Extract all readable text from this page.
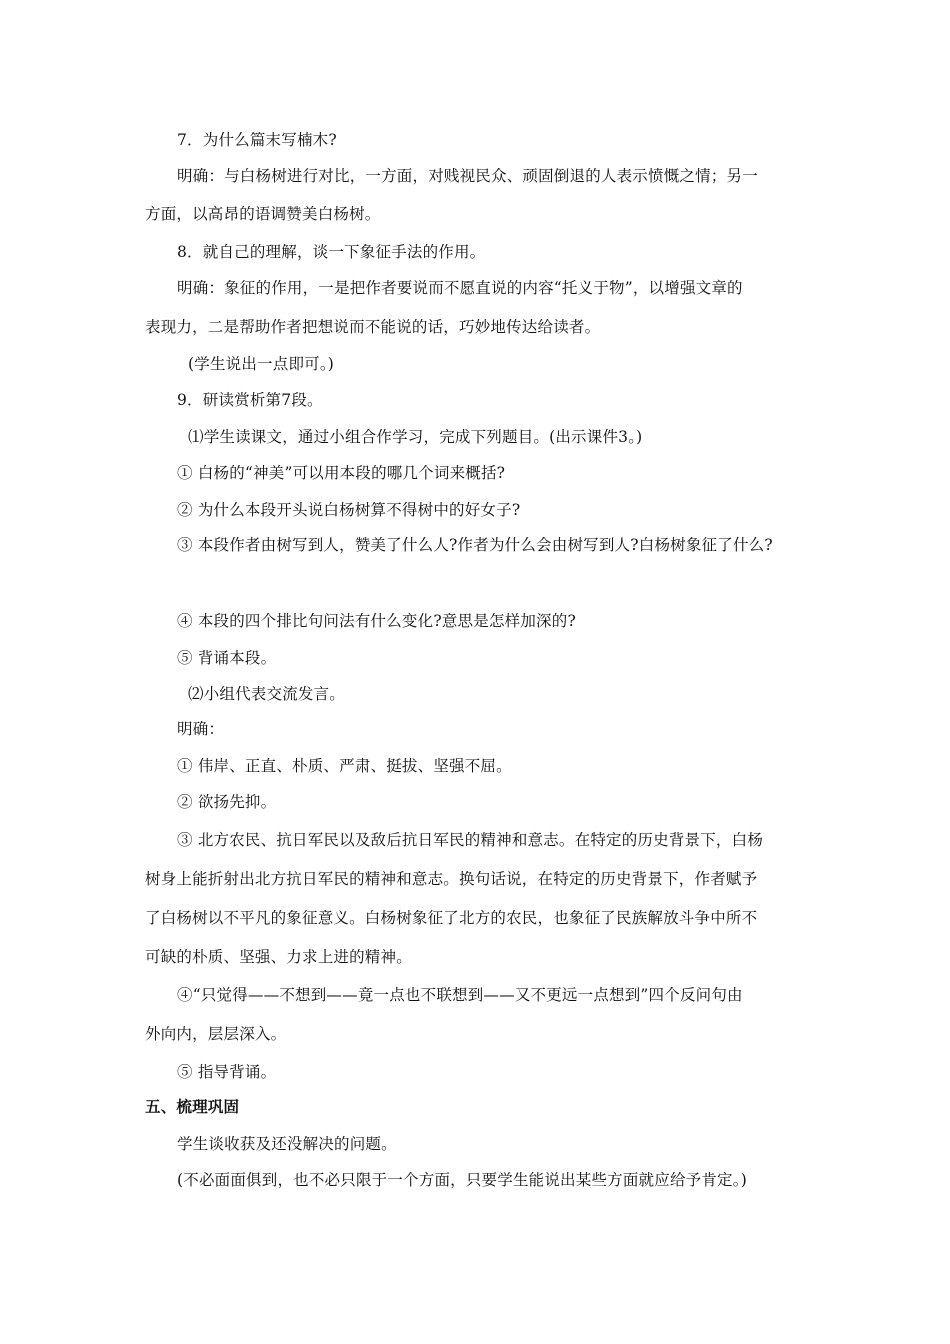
7．为什么篇末写楠木?
明确：与白杨树进行对比，一方面，对贱视民众、顽固倒退的人表示愤慨之情；另一
方面，以高昂的语调赞美白杨树。
8．就自己的理解，谈一下象征手法的作用。
明确：象征的作用，一是把作者要说而不愿直说的内容“托义于物”，以增强文章的
表现力，二是帮助作者把想说而不能说的话，巧妙地传达给读者。
(学生说出一点即可。)
9．研读赏析第7段。
⑴学生读课文，通过小组合作学习，完成下列题目。(出示课件3。)
① 白杨的“神美”可以用本段的哪几个词来概括?
② 为什么本段开头说白杨树算不得树中的好女子?
③ 本段作者由树写到人，赞美了什么人?作者为什么会由树写到人?白杨树象征了什么?
④ 本段的四个排比句问法有什么变化?意思是怎样加深的?
⑤ 背诵本段。
⑵小组代表交流发言。
明确：
① 伟岸、正直、朴质、严肃、挺拔、坚强不屈。
② 欲扬先抑。
③ 北方农民、抗日军民以及敌后抗日军民的精神和意志。在特定的历史背景下，白杨
树身上能折射出北方抗日军民的精神和意志。换句话说，在特定的历史背景下，作者赋予
了白杨树以不平凡的象征意义。白杨树象征了北方的农民，也象征了民族解放斗争中所不
可缺的朴质、坚强、力求上进的精神。
④“只觉得——不想到——竟一点也不联想到——又不更远一点想到”四个反问句由
外向内，层层深入。
⑤ 指导背诵。
五、梳理巩固
学生谈收获及还没解决的问题。
(不必面面俱到，也不必只限于一个方面，只要学生能说出某些方面就应给予肯定。)
